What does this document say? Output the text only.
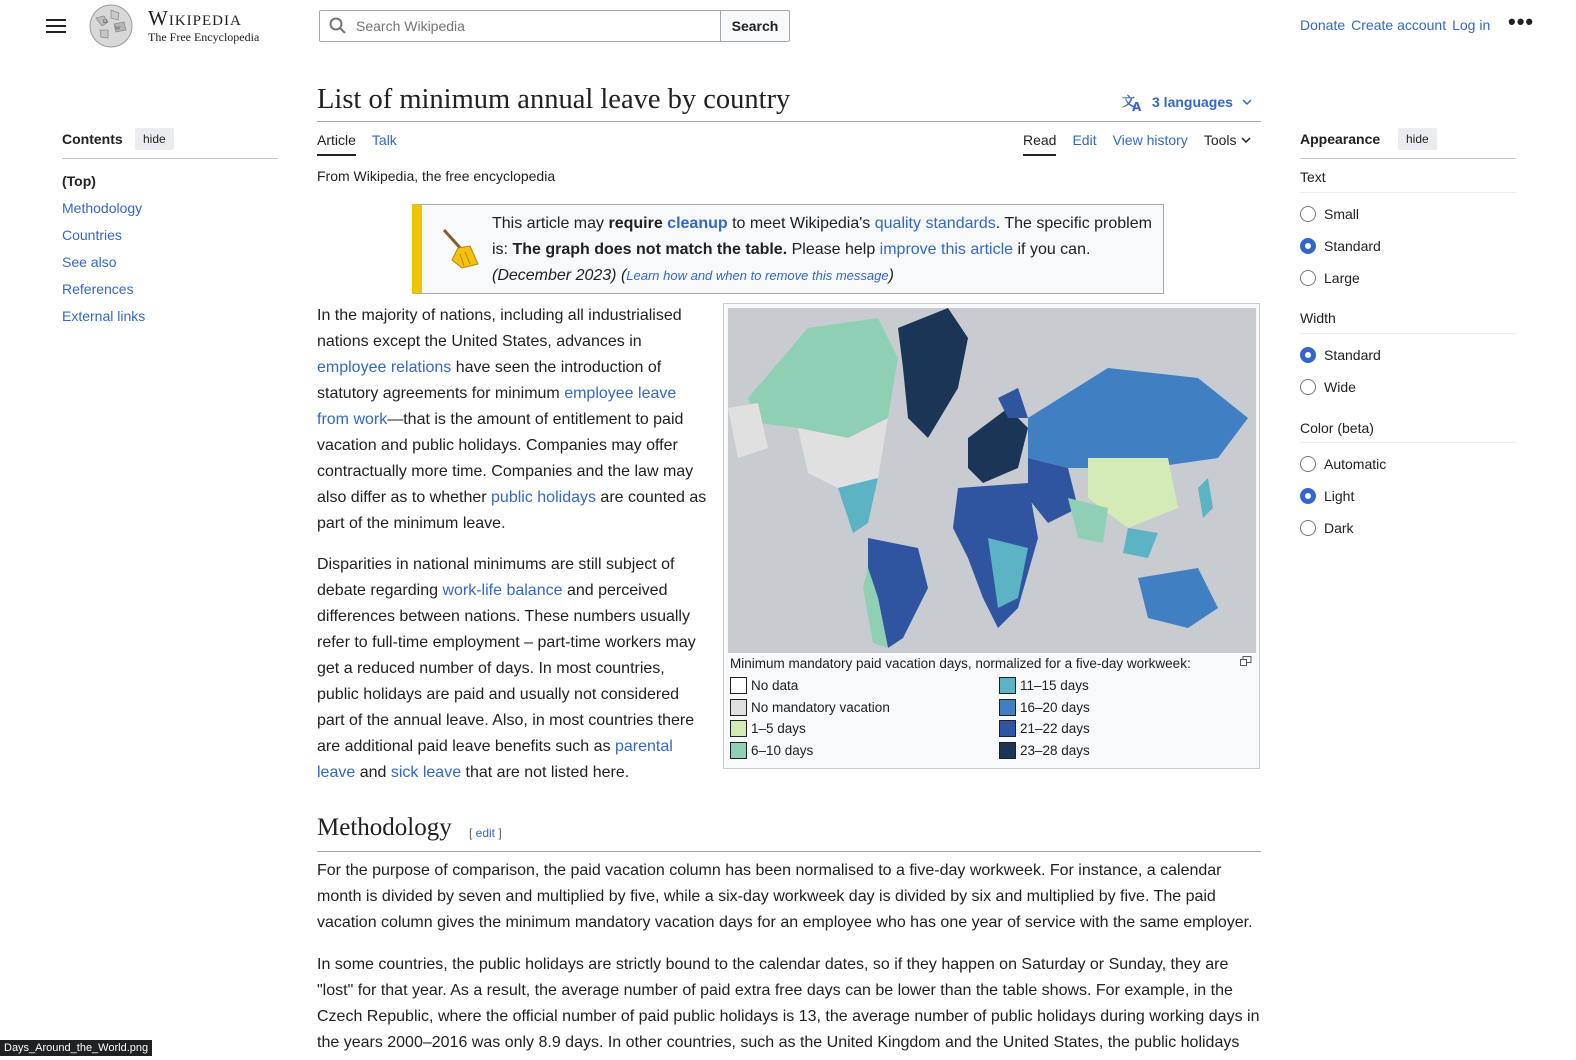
Ω
W Wikipedia
The Free Encyclopedia
Search Wikipedia
Search	Donate Create account Log in •••
List of minimum annual leave by country	文
A 3 languages
Article Talk	Read Edit View history Tools
From Wikipedia, the free encyclopedia
Contents	hide
(Top)
Methodology
Countries
See also
References
External links
This article may require cleanup to meet Wikipedia's quality standards. The specific problem is: The graph does not match the table. Please help improve this article if you can.
(December 2023) (Learn how and when to remove this message)
In the majority of nations, including all industrialised nations except the United States, advances in employee relations have seen the introduction of statutory agreements for minimum employee leave from work—that is the amount of entitlement to paid vacation and public holidays. Companies may offer contractually more time. Companies and the law may also differ as to whether public holidays are counted as part of the minimum leave.
Disparities in national minimums are still subject of debate regarding work-life balance and perceived differences between nations. These numbers usually refer to full-time employment – part-time workers may get a reduced number of days. In most countries, public holidays are paid and usually not considered part of the annual leave. Also, in most countries there are additional paid leave benefits such as parental leave and sick leave that are not listed here.
Minimum mandatory paid vacation days, normalized for a five-day workweek:
No data
No mandatory vacation
1–5 days
6–10 days
11–15 days
16–20 days
21–22 days
23–28 days
Methodology [ edit ]
For the purpose of comparison, the paid vacation column has been normalised to a five-day workweek. For instance, a calendar month is divided by seven and multiplied by five, while a six-day workweek day is divided by six and multiplied by five. The paid vacation column gives the minimum mandatory vacation days for an employee who has one year of service with the same employer.
In some countries, the public holidays are strictly bound to the calendar dates, so if they happen on Saturday or Sunday, they are "lost" for that year. As a result, the average number of paid extra free days can be lower than the table shows. For example, in the Czech Republic, where the official number of paid public holidays is 13, the average number of public holidays during working days in the years 2000–2016 was only 8.9 days. In other countries, such as the United Kingdom and the United States, the public holidays
Appearance	hide
Text
Small
Standard
Large
Width
Standard
Wide
Color (beta)
Automatic
Light
Dark
Days_Around_the_World.png
